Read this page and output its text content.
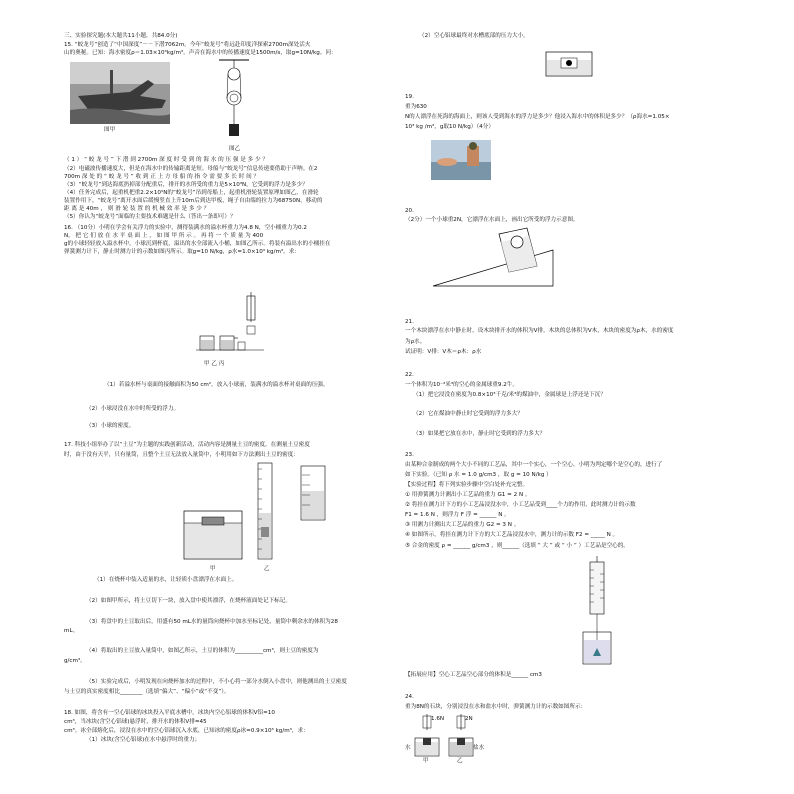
三、实验探究题(本大题共11小题，共84.0分)
15. “蛟龙号”创造了“中国深度”－－下潜7062m。今年“蛟龙号”将远赴印度洋探索2700m深处活火
山的奥秘。已知：海水密度ρ＝1.03×10³kg/m³，声音在海水中的传播速度是1500m/s，取g=10N/kg。问：
图甲
图乙
（ 1 ） “ 蛟 龙 号 ” 下 潜 到 2700m 深 度 时 受 到 的 海 水 的 压 强 是 多 少 ？
（2）电磁波传播速度大，但是在海水中的传输距离是短。母船与“蛟龙号”信息传递要借助于声呐。在2
700m 深 处 的 “ 蛟 龙 号 ” 收 到 正 上 方 母 船 的 指 令 需 要 多 长 时 间 ？
（3）“蛟龙号”到达海底扔掉部分配重后，排开的水所受的重力是5×10³N，它受到的浮力是多少？
（4）任务完成后，起重机把重2.2×10⁵N的“蛟龙号”吊到母船上，起重机滑轮装置原理如图乙，在滑轮
装置作用下，“蛟龙号”离开水面后缓慢竖直上升10m后到达甲板，绳子自由端的拉力为68750N，移动的
距 离 是 40m ， 则 滑 轮 装 置 的 机 械 效 率 是 多 少 ？
（5）你认为“蛟龙号”面临的主要技术难题是什么（答出一条即可）？
16. （10分）小明在学会有关浮力的实验中，测得装满水的溢水杯重力为4.8 N，空小桶重力为0.2
N。 把 它 们 放 在 水 平 桌 面 上 ， 如 图 甲 所 示 。 再 将 一 个 质 量 为 400
g的小球轻轻放入溢水杯中，小球沉到杯底，溢出的水全部流入小桶，如图乙所示。将装有溢出水的小桶挂在
弹簧测力计下，静止时测力计的示数如图丙所示。取g=10 N/kg，ρ水=1.0×10³ kg/m³。求：
甲 乙 丙
（1）若溢水杯与桌面的接触面积为50 cm²，放入小球前，装满水的溢水杯对桌面的压强。
（2）小球浸没在水中时所受的浮力。
（3）小球的密度。
17. 科技小组举办了以“土豆”为主题的实践创新活动，活动内容是测量土豆的密度。在测量土豆密度
时，由于没有天平，只有量筒，且整个土豆无法放入量筒中，小明用如下方法测出土豆的密度：
甲	乙
（1）在烧杯中装入适量的水，让轻质小盘漂浮在水面上。
（2）如图甲所示，将土豆切下一块，放入盘中使其漂浮，在烧杯液面处记下标记。
（3）将盘中的土豆取出后，用盛有50 mL水的量筒向烧杯中加水至标记处，量筒中剩余水的体积为28
mL。
（4）将取出的土豆放入量筒中，如图乙所示，土豆的体积为__________cm³，则土豆的密度为
g/cm³。
（5）实验完成后，小明发现在向烧杯加水的过程中，不小心将一部分水倒入小盘中，则他测出的土豆密度
与土豆的真实密度相比________（选填“偏大”、“偏小”或“不变”）。
18. 如图，将含有一空心铝球的冰块投入平底水槽中，冰块内空心铝球的体积V铝=10
cm³，当冰块(含空心铝球)悬浮时，排开水的体积V排=45
cm³。冰全部熔化后，浸没在水中的空心铝球沉入水底，已知冰的密度ρ冰=0.9×10³ kg/m³，求：
（1）冰块(含空心铝球)在水中悬浮时的重力；
（2）空心铝球最终对水槽底部的压力大小。
19.
重为630
N的人漂浮在死海的海面上，则该人受到海水的浮力是多少？他浸入海水中的体积是多少？（ρ海水=1.05×
10³ kg /m³，g取10 N/kg）（4分）
20.
（2分）一个小球重2N，它漂浮在水面上，画出它所受的浮力示意图。
21.
一个木块漂浮在水中静止时，设木块排开水的体积为V排，木块的总体积为V木，木块的密度为ρ木，水的密度
为ρ水。
试证明：V排：V木＝ρ木：ρ水
22.
一个体积为10⁻³米³的空心的金属球重9.2牛。
（1）把它浸没在密度为0.8×10³千克/米³的煤油中，金属球是上浮还是下沉？
（2）它在煤油中静止时它受到的浮力多大？
（3）如果把它放在水中，静止时它受到的浮力多大？
23.
由某种合金制成的两个大小不同的工艺品，其中一个实心，一个空心。小明为判定哪个是空心的，进行了
如下实验。（已知 ρ 水 = 1.0 g/cm3 ，取 g = 10 N/kg ）
【实验过程】将下列实验步骤中空白处补充完整。
① 用弹簧测力计测出小工艺品的重力 G1 = 2 N 。
② 将挂在测力计下方的小工艺品浸没水中，小工艺品受到____个力的作用，此时测力计的示数
F1 = 1.6 N ，则浮力 F 浮 = ______ N 。
③ 用测力计测出大工艺品的重力 G2 = 3 N 。
④ 如图所示，将挂在测力计下方的大工艺品浸没水中，测力计的示数 F2 = _____ N 。
⑤ 合金的密度 ρ = ______ g/cm3 ，则______（选填 “ 大 ” 或 “ 小 ” ）工艺品是空心的。
【拓展应用】空心工艺品空心部分的体积是______ cm3
24.
重为8N的石块，分别浸没在水和盐水中时，弹簧测力计的示数如图所示：
1.6N	2N
水	盐水
甲	乙
